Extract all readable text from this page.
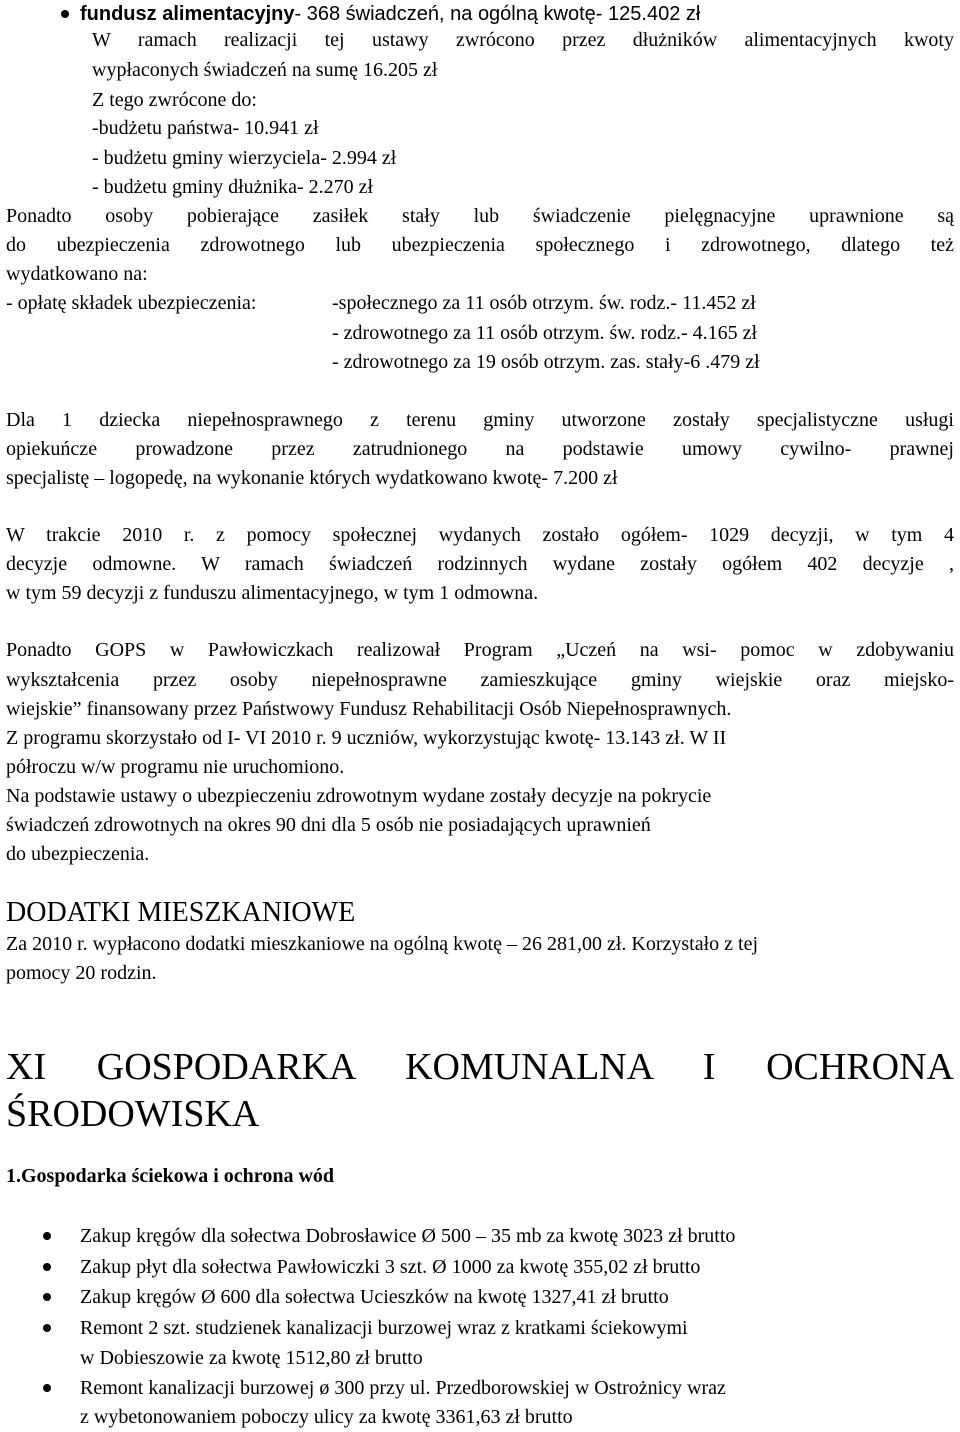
fundusz alimentacyjny- 368 świadczeń, na ogólną kwotę- 125.402 zł
W ramach realizacji tej ustawy zwrócono przez dłużników alimentacyjnych kwoty
wypłaconych świadczeń na sumę 16.205 zł
Z tego zwrócone do:
-budżetu państwa- 10.941 zł
- budżetu gminy wierzyciela- 2.994 zł
- budżetu gminy dłużnika- 2.270 zł
Ponadto osoby pobierające zasiłek stały lub świadczenie pielęgnacyjne uprawnione są
do ubezpieczenia zdrowotnego lub ubezpieczenia społecznego i zdrowotnego, dlatego też
wydatkowano na:
- opłatę składek ubezpieczenia:	-społecznego za 11 osób otrzym. św. rodz.- 11.452 zł
- zdrowotnego za 11 osób otrzym. św. rodz.- 4.165 zł
- zdrowotnego za 19 osób otrzym. zas. stały-6 .479 zł
Dla 1 dziecka niepełnosprawnego z terenu gminy utworzone zostały specjalistyczne usługi
opiekuńcze prowadzone przez zatrudnionego na podstawie umowy cywilno- prawnej
specjalistę – logopedę, na wykonanie których wydatkowano kwotę- 7.200 zł
W trakcie 2010 r. z pomocy społecznej wydanych zostało ogółem- 1029 decyzji, w tym 4
decyzje odmowne. W ramach świadczeń rodzinnych wydane zostały ogółem 402 decyzje ,
w tym 59 decyzji z funduszu alimentacyjnego, w tym 1 odmowna.
Ponadto GOPS w Pawłowiczkach realizował Program „Uczeń na wsi- pomoc w zdobywaniu
wykształcenia przez osoby niepełnosprawne zamieszkujące gminy wiejskie oraz miejsko-
wiejskie” finansowany przez Państwowy Fundusz Rehabilitacji Osób Niepełnosprawnych.
Z programu skorzystało od I- VI 2010 r. 9 uczniów, wykorzystując kwotę- 13.143 zł. W II
półroczu w/w programu nie uruchomiono.
Na podstawie ustawy o ubezpieczeniu zdrowotnym wydane zostały decyzje na pokrycie
świadczeń zdrowotnych na okres 90 dni dla 5 osób nie posiadających uprawnień
do ubezpieczenia.
DODATKI MIESZKANIOWE
Za 2010 r. wypłacono dodatki mieszkaniowe na ogólną kwotę – 26 281,00 zł. Korzystało z tej
pomocy 20 rodzin.
XI GOSPODARKA KOMUNALNA I OCHRONA
ŚRODOWISKA
1.Gospodarka ściekowa i ochrona wód
Zakup kręgów dla sołectwa Dobrosławice Ø 500 – 35 mb za kwotę 3023 zł brutto
Zakup płyt dla sołectwa Pawłowiczki 3 szt. Ø 1000 za kwotę 355,02 zł brutto
Zakup kręgów Ø 600 dla sołectwa Ucieszków na kwotę 1327,41 zł brutto
Remont 2 szt. studzienek kanalizacji burzowej wraz z kratkami ściekowymi
w Dobieszowie za kwotę 1512,80 zł brutto
Remont kanalizacji burzowej ø 300 przy ul. Przedborowskiej w Ostrożnicy wraz
z wybetonowaniem poboczy ulicy za kwotę 3361,63 zł brutto
